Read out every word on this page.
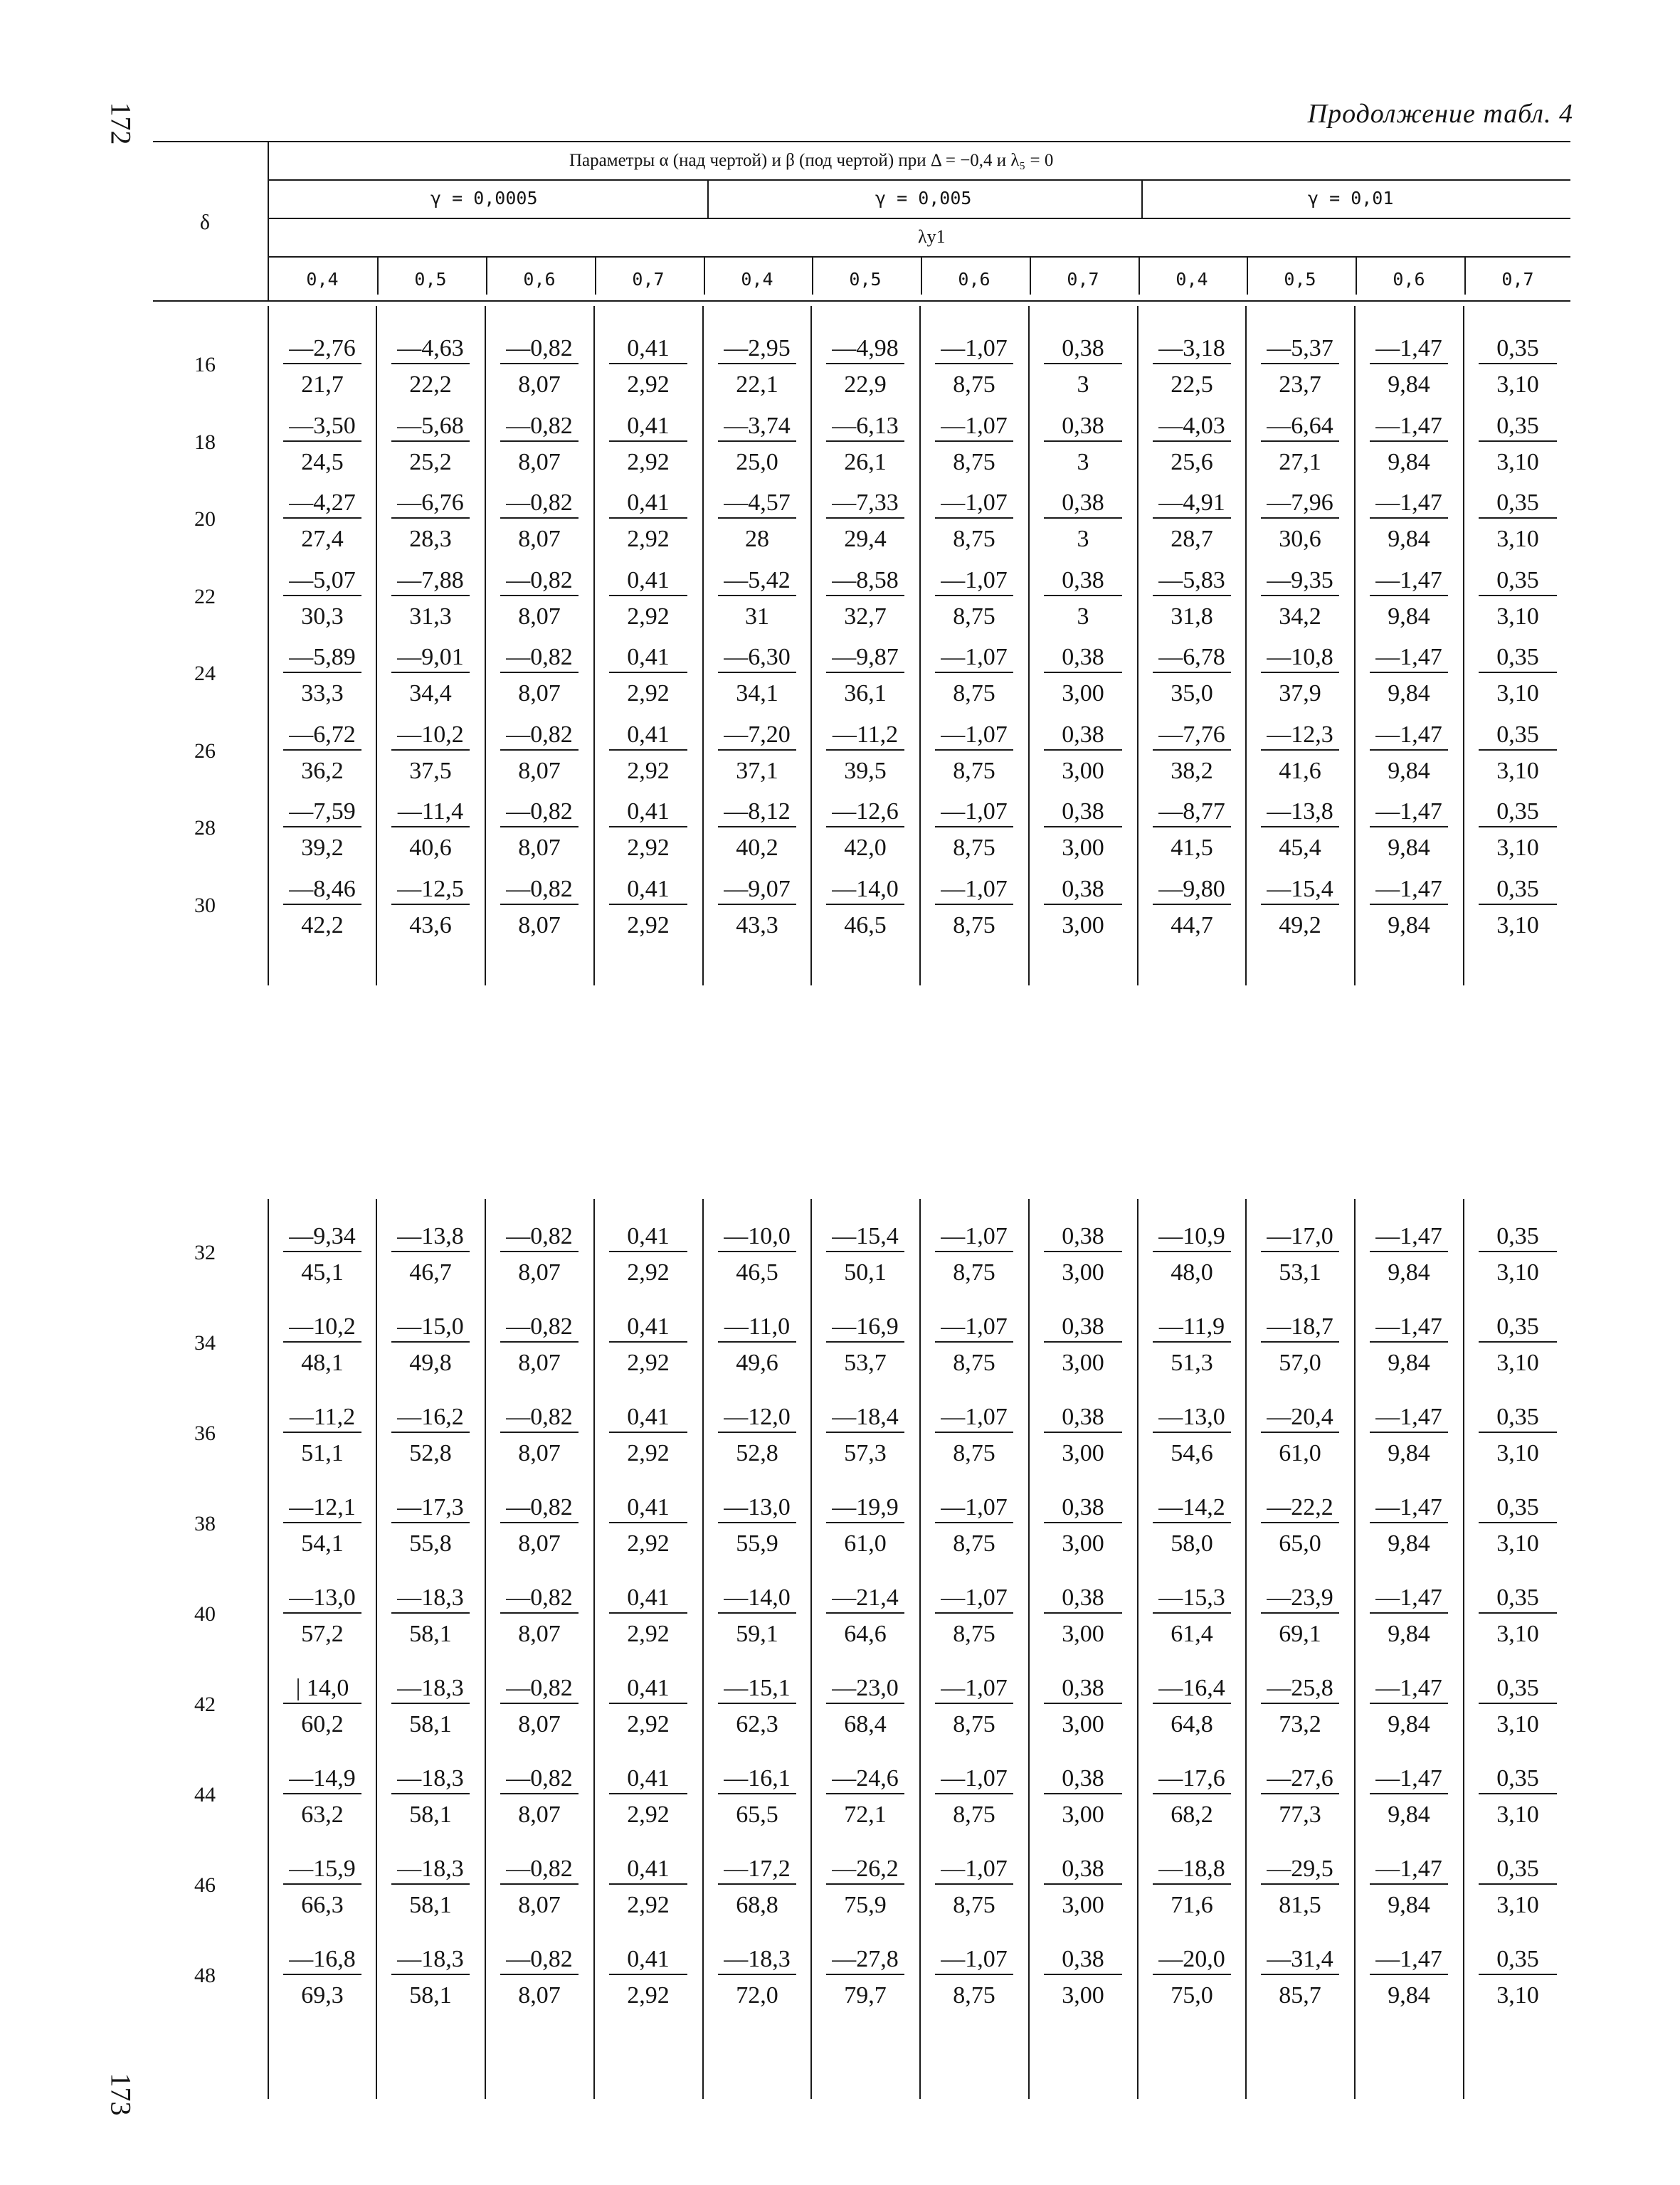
172
173
Продолжение табл. 4
δ
Параметры α (над чертой) и β (под чертой) при Δ = −0,4 и λ₅ = 0
γ = 0,0005	γ = 0,005	γ = 0,01
λy1
0,4	0,5	0,6	0,7	0,4	0,5	0,6	0,7	0,4	0,5	0,6	0,7
16	$\frac{—2,76}{21,7} \frac{—4,63}{22,2} \frac{—0,82}{8,07} \frac{0,41}{2,92} \frac{—2,95}{22,1} \frac{—4,98}{22,9} \frac{—1,07}{8,75} \frac{0,38}{3} \frac{—3,18}{22,5} \frac{—5,37}{23,7} \frac{—1,47}{9,84} \frac{0,35}{3,10}$
18	$\frac{—3,50}{24,5} \frac{—5,68}{25,2} \frac{—0,82}{8,07} \frac{0,41}{2,92} \frac{—3,74}{25,0} \frac{—6,13}{26,1} \frac{—1,07}{8,75} \frac{0,38}{3} \frac{—4,03}{25,6} \frac{—6,64}{27,1} \frac{—1,47}{9,84} \frac{0,35}{3,10}$
20	$\frac{—4,27}{27,4} \frac{—6,76}{28,3} \frac{—0,82}{8,07} \frac{0,41}{2,92} \frac{—4,57}{28} \frac{—7,33}{29,4} \frac{—1,07}{8,75} \frac{0,38}{3} \frac{—4,91}{28,7} \frac{—7,96}{30,6} \frac{—1,47}{9,84} \frac{0,35}{3,10}$
22	$\frac{—5,07}{30,3} \frac{—7,88}{31,3} \frac{—0,82}{8,07} \frac{0,41}{2,92} \frac{—5,42}{31} \frac{—8,58}{32,7} \frac{—1,07}{8,75} \frac{0,38}{3} \frac{—5,83}{31,8} \frac{—9,35}{34,2} \frac{—1,47}{9,84} \frac{0,35}{3,10}$
24	$\frac{—5,89}{33,3} \frac{—9,01}{34,4} \frac{—0,82}{8,07} \frac{0,41}{2,92} \frac{—6,30}{34,1} \frac{—9,87}{36,1} \frac{—1,07}{8,75} \frac{0,38}{3,00} \frac{—6,78}{35,0} \frac{—10,8}{37,9} \frac{—1,47}{9,84} \frac{0,35}{3,10}$
26	$\frac{—6,72}{36,2} \frac{—10,2}{37,5} \frac{—0,82}{8,07} \frac{0,41}{2,92} \frac{—7,20}{37,1} \frac{—11,2}{39,5} \frac{—1,07}{8,75} \frac{0,38}{3,00} \frac{—7,76}{38,2} \frac{—12,3}{41,6} \frac{—1,47}{9,84} \frac{0,35}{3,10}$
28	$\frac{—7,59}{39,2} \frac{—11,4}{40,6} \frac{—0,82}{8,07} \frac{0,41}{2,92} \frac{—8,12}{40,2} \frac{—12,6}{42,0} \frac{—1,07}{8,75} \frac{0,38}{3,00} \frac{—8,77}{41,5} \frac{—13,8}{45,4} \frac{—1,47}{9,84} \frac{0,35}{3,10}$
30	$\frac{—8,46}{42,2} \frac{—12,5}{43,6} \frac{—0,82}{8,07} \frac{0,41}{2,92} \frac{—9,07}{43,3} \frac{—14,0}{46,5} \frac{—1,07}{8,75} \frac{0,38}{3,00} \frac{—9,80}{44,7} \frac{—15,4}{49,2} \frac{—1,47}{9,84} \frac{0,35}{3,10}$
32	$\frac{—9,34}{45,1} \frac{—13,8}{46,7} \frac{—0,82}{8,07} \frac{0,41}{2,92} \frac{—10,0}{46,5} \frac{—15,4}{50,1} \frac{—1,07}{8,75} \frac{0,38}{3,00} \frac{—10,9}{48,0} \frac{—17,0}{53,1} \frac{—1,47}{9,84} \frac{0,35}{3,10}$
34	$\frac{—10,2}{48,1} \frac{—15,0}{49,8} \frac{—0,82}{8,07} \frac{0,41}{2,92} \frac{—11,0}{49,6} \frac{—16,9}{53,7} \frac{—1,07}{8,75} \frac{0,38}{3,00} \frac{—11,9}{51,3} \frac{—18,7}{57,0} \frac{—1,47}{9,84} \frac{0,35}{3,10}$
36	$\frac{—11,2}{51,1} \frac{—16,2}{52,8} \frac{—0,82}{8,07} \frac{0,41}{2,92} \frac{—12,0}{52,8} \frac{—18,4}{57,3} \frac{—1,07}{8,75} \frac{0,38}{3,00} \frac{—13,0}{54,6} \frac{—20,4}{61,0} \frac{—1,47}{9,84} \frac{0,35}{3,10}$
38	$\frac{—12,1}{54,1} \frac{—17,3}{55,8} \frac{—0,82}{8,07} \frac{0,41}{2,92} \frac{—13,0}{55,9} \frac{—19,9}{61,0} \frac{—1,07}{8,75} \frac{0,38}{3,00} \frac{—14,2}{58,0} \frac{—22,2}{65,0} \frac{—1,47}{9,84} \frac{0,35}{3,10}$
40	$\frac{—13,0}{57,2} \frac{—18,3}{58,1} \frac{—0,82}{8,07} \frac{0,41}{2,92} \frac{—14,0}{59,1} \frac{—21,4}{64,6} \frac{—1,07}{8,75} \frac{0,38}{3,00} \frac{—15,3}{61,4} \frac{—23,9}{69,1} \frac{—1,47}{9,84} \frac{0,35}{3,10}$
42	$\frac{| 14,0}{60,2} \frac{—18,3}{58,1} \frac{—0,82}{8,07} \frac{0,41}{2,92} \frac{—15,1}{62,3} \frac{—23,0}{68,4} \frac{—1,07}{8,75} \frac{0,38}{3,00} \frac{—16,4}{64,8} \frac{—25,8}{73,2} \frac{—1,47}{9,84} \frac{0,35}{3,10}$
44	$\frac{—14,9}{63,2} \frac{—18,3}{58,1} \frac{—0,82}{8,07} \frac{0,41}{2,92} \frac{—16,1}{65,5} \frac{—24,6}{72,1} \frac{—1,07}{8,75} \frac{0,38}{3,00} \frac{—17,6}{68,2} \frac{—27,6}{77,3} \frac{—1,47}{9,84} \frac{0,35}{3,10}$
46	$\frac{—15,9}{66,3} \frac{—18,3}{58,1} \frac{—0,82}{8,07} \frac{0,41}{2,92} \frac{—17,2}{68,8} \frac{—26,2}{75,9} \frac{—1,07}{8,75} \frac{0,38}{3,00} \frac{—18,8}{71,6} \frac{—29,5}{81,5} \frac{—1,47}{9,84} \frac{0,35}{3,10}$
48	$\frac{—16,8}{69,3} \frac{—18,3}{58,1} \frac{—0,82}{8,07} \frac{0,41}{2,92} \frac{—18,3}{72,0} \frac{—27,8}{79,7} \frac{—1,07}{8,75} \frac{0,38}{3,00} \frac{—20,0}{75,0} \frac{—31,4}{85,7} \frac{—1,47}{9,84} \frac{0,35}{3,10}$
